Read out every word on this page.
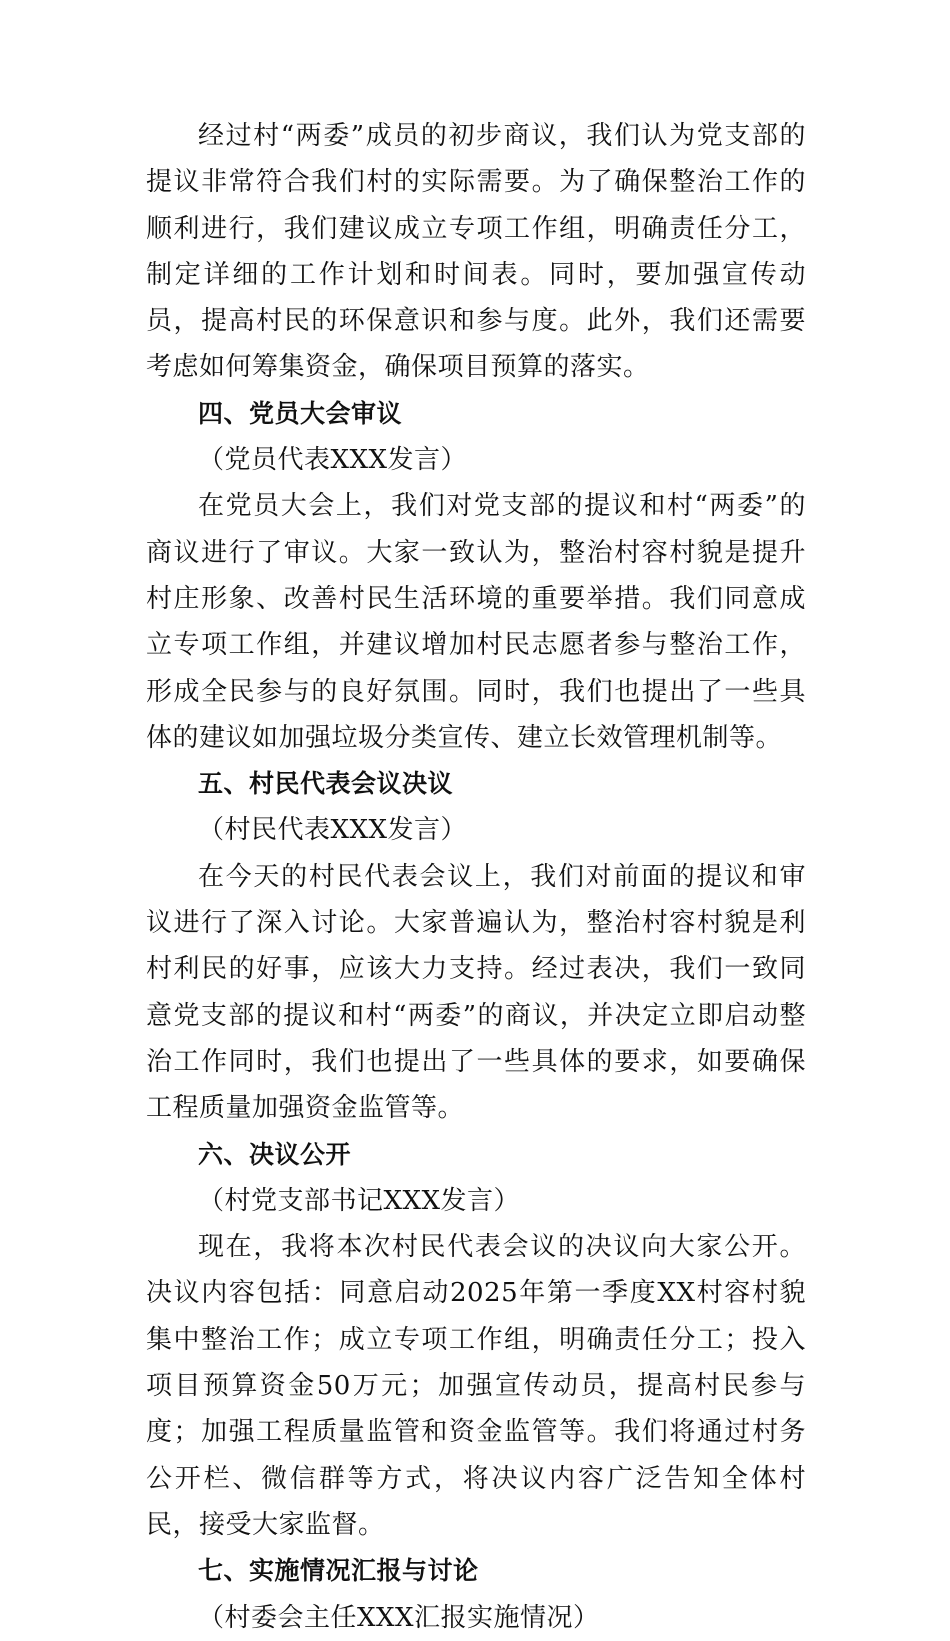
经过村“两委”成员的初步商议，我们认为党支部的提议非常符合我们村的实际需要。为了确保整治工作的顺利进行，我们建议成立专项工作组，明确责任分工，制定详细的工作计划和时间表。同时，要加强宣传动员，提高村民的环保意识和参与度。此外，我们还需要考虑如何筹集资金，确保项目预算的落实。

四、党员大会审议

（党员代表XXX发言）

在党员大会上，我们对党支部的提议和村“两委”的商议进行了审议。大家一致认为，整治村容村貌是提升村庄形象、改善村民生活环境的重要举措。我们同意成立专项工作组，并建议增加村民志愿者参与整治工作，形成全民参与的良好氛围。同时，我们也提出了一些具体的建议如加强垃圾分类宣传、建立长效管理机制等。

五、村民代表会议决议

（村民代表XXX发言）

在今天的村民代表会议上，我们对前面的提议和审议进行了深入讨论。大家普遍认为，整治村容村貌是利村利民的好事，应该大力支持。经过表决，我们一致同意党支部的提议和村“两委”的商议，并决定立即启动整治工作同时，我们也提出了一些具体的要求，如要确保工程质量加强资金监管等。

六、决议公开

（村党支部书记XXX发言）

现在，我将本次村民代表会议的决议向大家公开。决议内容包括：同意启动2025年第一季度XX村容村貌集中整治工作；成立专项工作组，明确责任分工；投入项目预算资金50万元；加强宣传动员，提高村民参与度；加强工程质量监管和资金监管等。我们将通过村务公开栏、微信群等方式，将决议内容广泛告知全体村民，接受大家监督。

七、实施情况汇报与讨论

（村委会主任XXX汇报实施情况）
